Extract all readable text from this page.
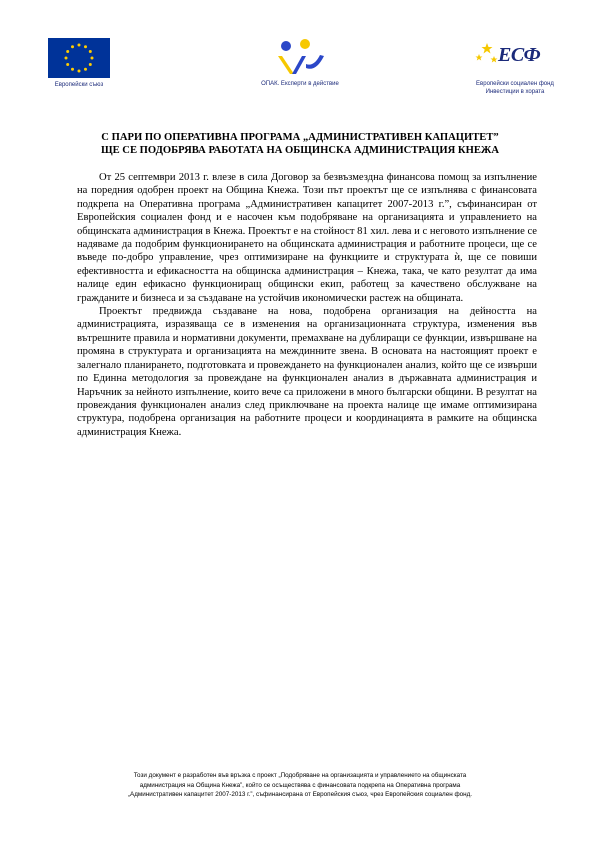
Европейски съюз	ОПАК. Експерти в действие
ЕСФ
Европейски социален фонд
Инвестиции в хората
С ПАРИ ПО ОПЕРАТИВНА ПРОГРАМА „АДМИНИСТРАТИВЕН КАПАЦИТЕТ”
ЩЕ СЕ ПОДОБРЯВА РАБОТАТА НА ОБЩИНСКА АДМИНИСТРАЦИЯ КНЕЖА

От 25 септември 2013 г. влезе в сила Договор за безвъзмездна финансова помощ за изпълнение на поредния одобрен проект на Община Кнежа. Този път проектът ще се изпълнява с финансовата подкрепа на Оперативна програма „Административен капацитет 2007-2013 г.”, съфинансиран от Европейския социален фонд и е насочен към подобряване на организацията и управлението на общинската администрация в Кнежа. Проектът е на стойност 81 хил. лева и с неговото изпълнение се надяваме да подобрим функционирането на общинската администрация и работните процеси, ще се въведе по-добро управление, чрез оптимизиране на функциите и структурата ѝ, ще се повиши ефективността и ефикасността на общинска администрация – Кнежа, така, че като резултат да има налице един ефикасно функциониращ общински екип, работещ за качествено обслужване на гражданите и бизнеса и за създаване на устойчив икономически растеж на общината.

Проектът предвижда създаване на нова, подобрена организация на дейността на администрацията, изразяваща се в изменения на организационната структура, изменения във вътрешните правила и нормативни документи, премахване на дублиращи се функции, извършване на промяна в структурата и организацията на междинните звена. В основата на настоящият проект е залегнало планирането, подготовката и провеждането на функционален анализ, който ще се извърши по Единна методология за провеждане на функционален анализ в държавната администрация и Наръчник за нейното изпълнение, които вече са приложени в много български общини. В резултат на провеждания функционален анализ след приключване на проекта налице ще имаме оптимизирана структура, подобрена организация на работните процеси и координацията в рамките на общинска администрация Кнежа.

Този документ е разработен във връзка с проект „Подобряване на организацията и управлението на общинската
администрация на Община Кнежа”, който се осъществява с финансовата подкрепа на Оперативна програма
„Административен капацитет 2007-2013 г.”, съфинансирана от Европейския съюз, чрез Европейския социален фонд.
